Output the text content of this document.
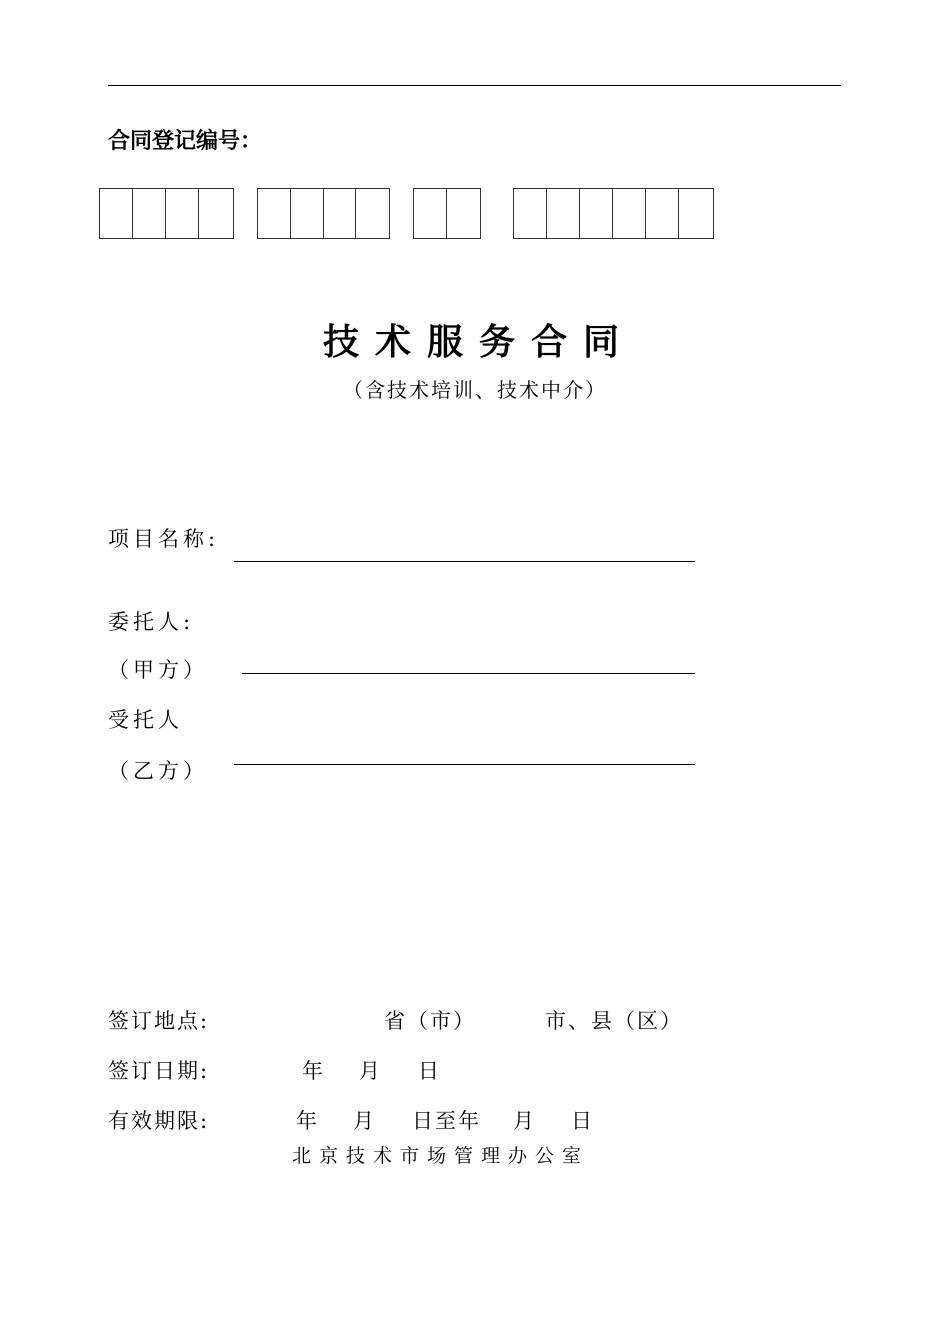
合同登记编号：
技术服务合同
（含技术培训、技术中介）
项目名称:
委托人:
（甲方）
受托人
（乙方）
签订地点:	省（市）	市、县（区）
签订日期:	年 月 日
有效期限:	年 月 日至年 月 日
北京技术市场管理办公室
